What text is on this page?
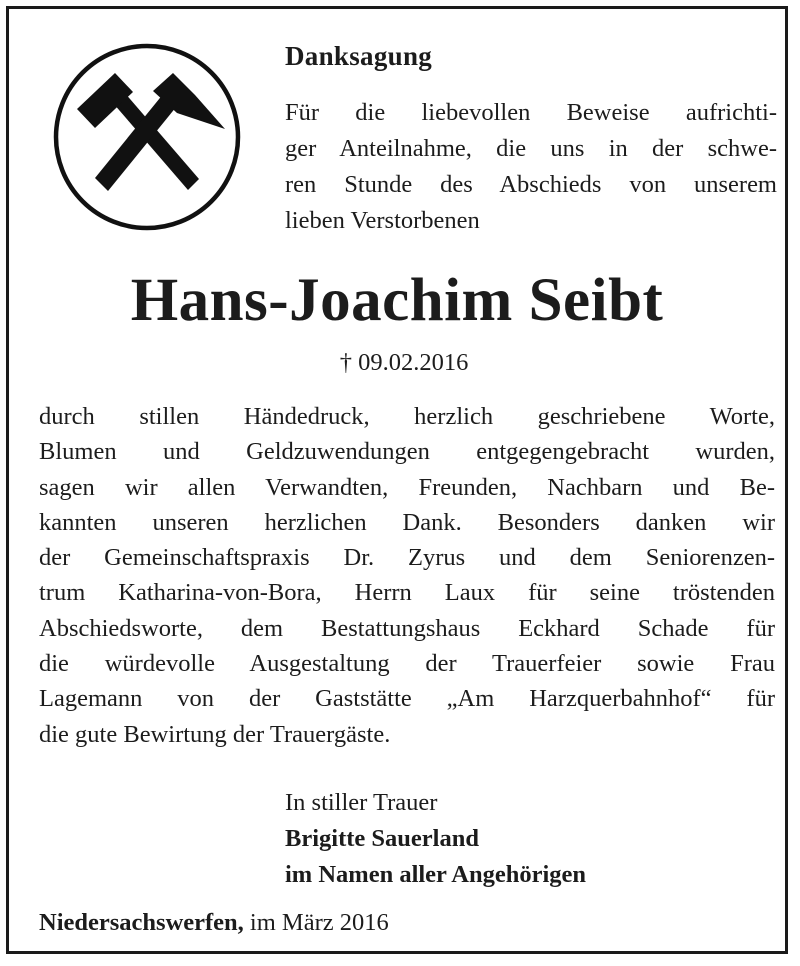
Danksagung
Für die liebevollen Beweise aufrichti-
ger Anteilnahme, die uns in der schwe-
ren Stunde des Abschieds von unserem
lieben Verstorbenen
Hans-Joachim Seibt
† 09.02.2016
durch stillen Händedruck, herzlich geschriebene Worte,
Blumen und Geldzuwendungen entgegengebracht wurden,
sagen wir allen Verwandten, Freunden, Nachbarn und Be-
kannten unseren herzlichen Dank. Besonders danken wir
der Gemeinschaftspraxis Dr. Zyrus und dem Seniorenzen-
trum Katharina-von-Bora, Herrn Laux für seine tröstenden
Abschiedsworte, dem Bestattungshaus Eckhard Schade für
die würdevolle Ausgestaltung der Trauerfeier sowie Frau
Lagemann von der Gaststätte „Am Harzquerbahnhof“ für
die gute Bewirtung der Trauergäste.
In stiller Trauer
Brigitte Sauerland
im Namen aller Angehörigen
Niedersachswerfen, im März 2016
